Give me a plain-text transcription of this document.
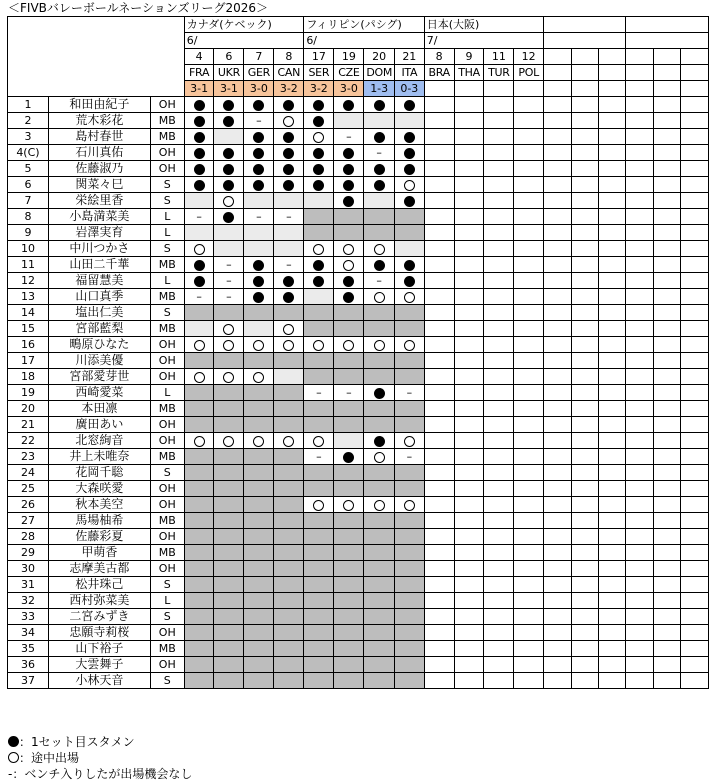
＜FIVBバレーボールネーションズリーグ2026＞
			カナダ(ケベック)				フィリピン(パシグ)				日本(大阪)									
			6/				6/				7/									
			4	6	7	8	17	19	20	21	8	9	11	12						
			FRA	UKR	GER	CAN	SER	CZE	DOM	ITA	BRA	THA	TUR	POL						
			3-1	3-1	3-0	3-2	3-2	3-0	1-3	0-3										
1	和田由紀子	OH																		
2	荒木彩花	MB			–															
3	島村春世	MB						–												
4(C)	石川真佑	OH							–											
5	佐藤淑乃	OH																		
6	関菜々巳	S																		
7	栄絵里香	S																		
8	小島満菜美	L	–		–	–														
9	岩澤実育	L																		
10	中川つかさ	S																		
11	山田二千華	MB		–		–														
12	福留慧美	L		–					–											
13	山口真季	MB	–	–																
14	塩出仁美	S																		
15	宮部藍梨	MB																		
16	鴫原ひなた	OH																		
17	川添美優	OH																		
18	宮部愛芽世	OH																		
19	西崎愛菜	L					–	–		–										
20	本田凛	MB																		
21	廣田あい	OH																		
22	北窓絢音	OH																		
23	井上未唯奈	MB					–			–										
24	花岡千聡	S																		
25	大森咲愛	OH																		
26	秋本美空	OH																		
27	馬場柚希	MB																		
28	佐藤彩夏	OH																		
29	甲萌香	MB																		
30	志摩美古都	OH																		
31	松井珠己	S																		
32	西村弥菜美	L																		
33	二宮みずき	S																		
34	忠願寺莉桜	OH																		
35	山下裕子	MB																		
36	大雲舞子	OH																		
37	小林天音	S																		
：1セット目スタメン
：途中出場
-：ベンチ入りしたが出場機会なし
